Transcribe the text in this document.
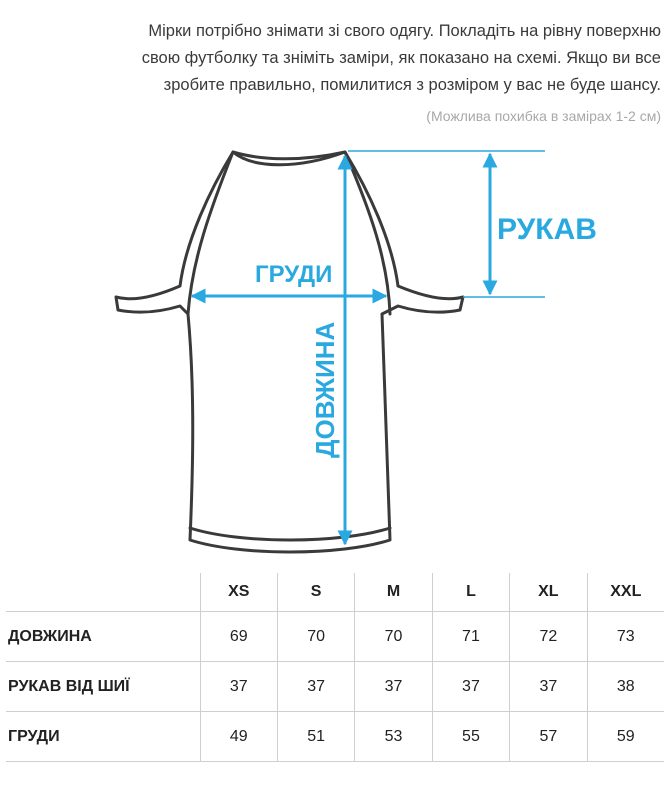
Мірки потрібно знімати зі свого одягу. Покладіть на рівну поверхню
свою футболку та зніміть заміри, як показано на схемі. Якщо ви все
зробите правильно, помилитися з розміром у вас не буде шансу.
(Можлива похибка в замірах 1-2 см)
РУКАВ
ГРУДИ
ДОВЖИНА
	XS	S	M	L	XL	XXL
ДОВЖИНА	69	70	70	71	72	73
РУКАВ ВІД ШИЇ	37	37	37	37	37	38
ГРУДИ	49	51	53	55	57	59
